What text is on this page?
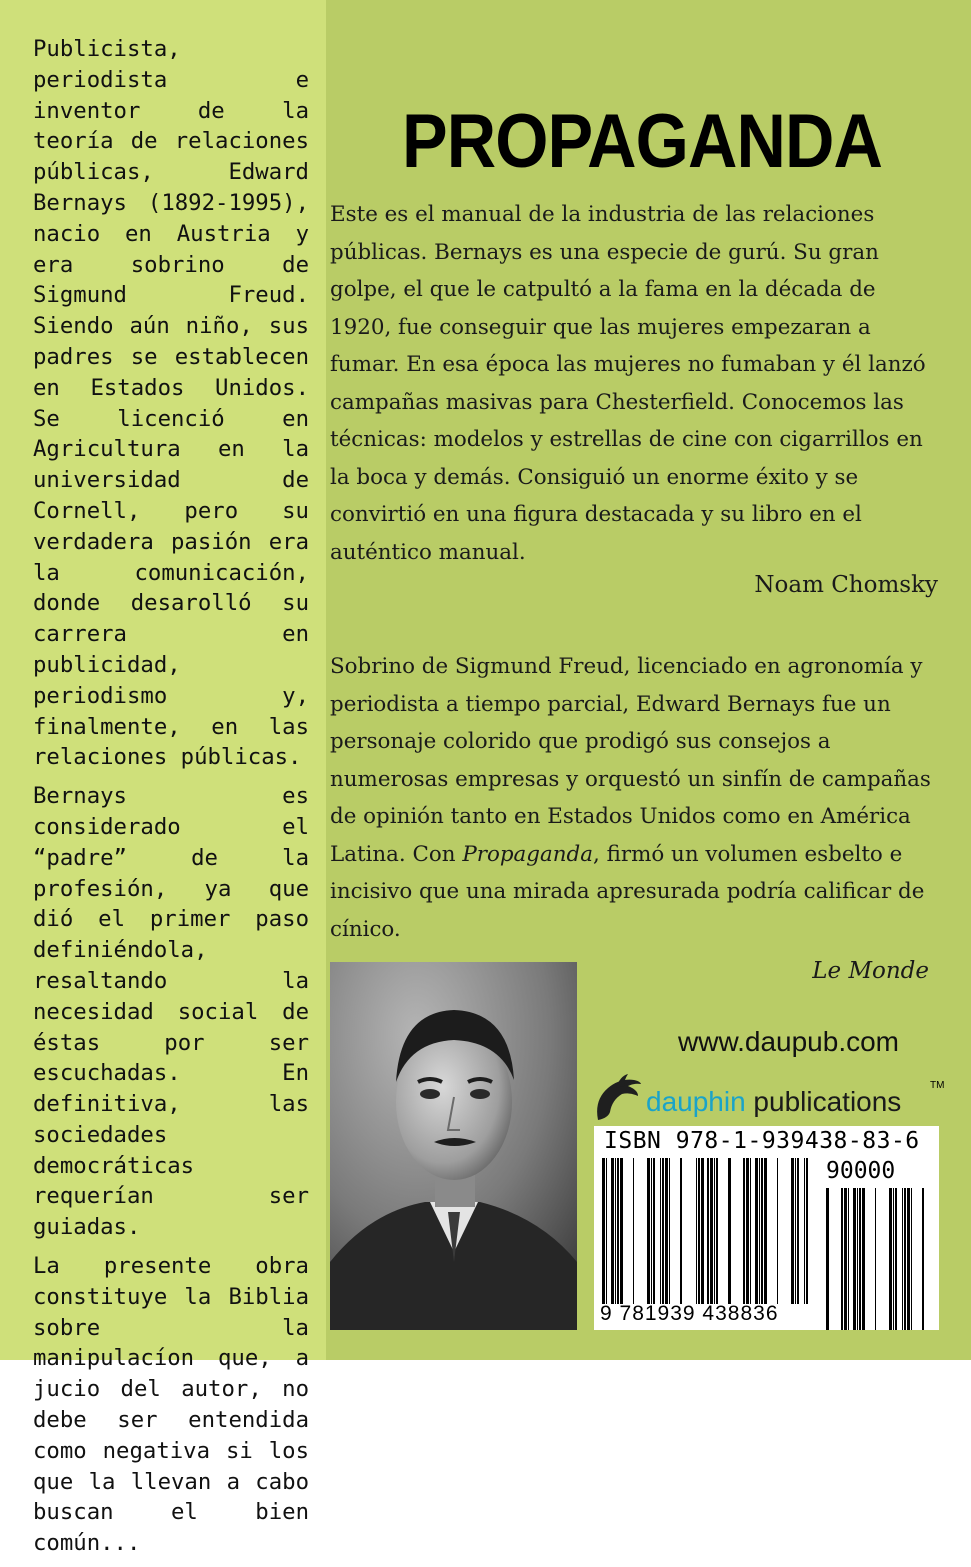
Publicista, periodista e inventor de la teoría de relaciones públicas, Edward Bernays (1892-1995), nacio en Austria y era sobrino de Sigmund Freud. Siendo aún niño, sus padres se establecen en Estados Unidos. Se licenció en Agricultura en la universidad de Cornell, pero su verdadera pasión era la comunicación, donde desarolló su carrera en publicidad, periodismo y, finalmente, en las relaciones públicas.

Bernays es considerado el “padre” de la profesión, ya que dió el primer paso definiéndola, resaltando la necesidad social de éstas por ser escuchadas. En definitiva, las sociedades democráticas requerían ser guiadas.

La presente obra constituye la Biblia sobre la manipulacíon que, a jucio del autor, no debe ser entendida como negativa si los que la llevan a cabo buscan el bien común...

PROPAGANDA

Este es el manual de la industria de las relaciones públicas. Bernays es una especie de gurú. Su gran golpe, el que le catpultó a la fama en la década de 1920, fue conseguir que las mujeres empezaran a fumar. En esa época las mujeres no fumaban y él lanzó campañas masivas para Chesterfield. Conocemos las técnicas: modelos y estrellas de cine con cigarrillos en la boca y demás. Consiguió un enorme éxito y se convirtió en una figura destacada y su libro en el auténtico manual.

Noam Chomsky

Sobrino de Sigmund Freud, licenciado en agronomía y periodista a tiempo parcial, Edward Bernays fue un personaje colorido que prodigó sus consejos a numerosas empresas y orquestó un sinfín de campañas de opinión tanto en Estados Unidos como en América Latina. Con Propaganda, firmó un volumen esbelto e incisivo que una mirada apresurada podría calificar de cínico.

Le Monde
www.daupub.com
dauphin publications
TM
ISBN 978-1-939438-83-6
90000
9 781939 438836
